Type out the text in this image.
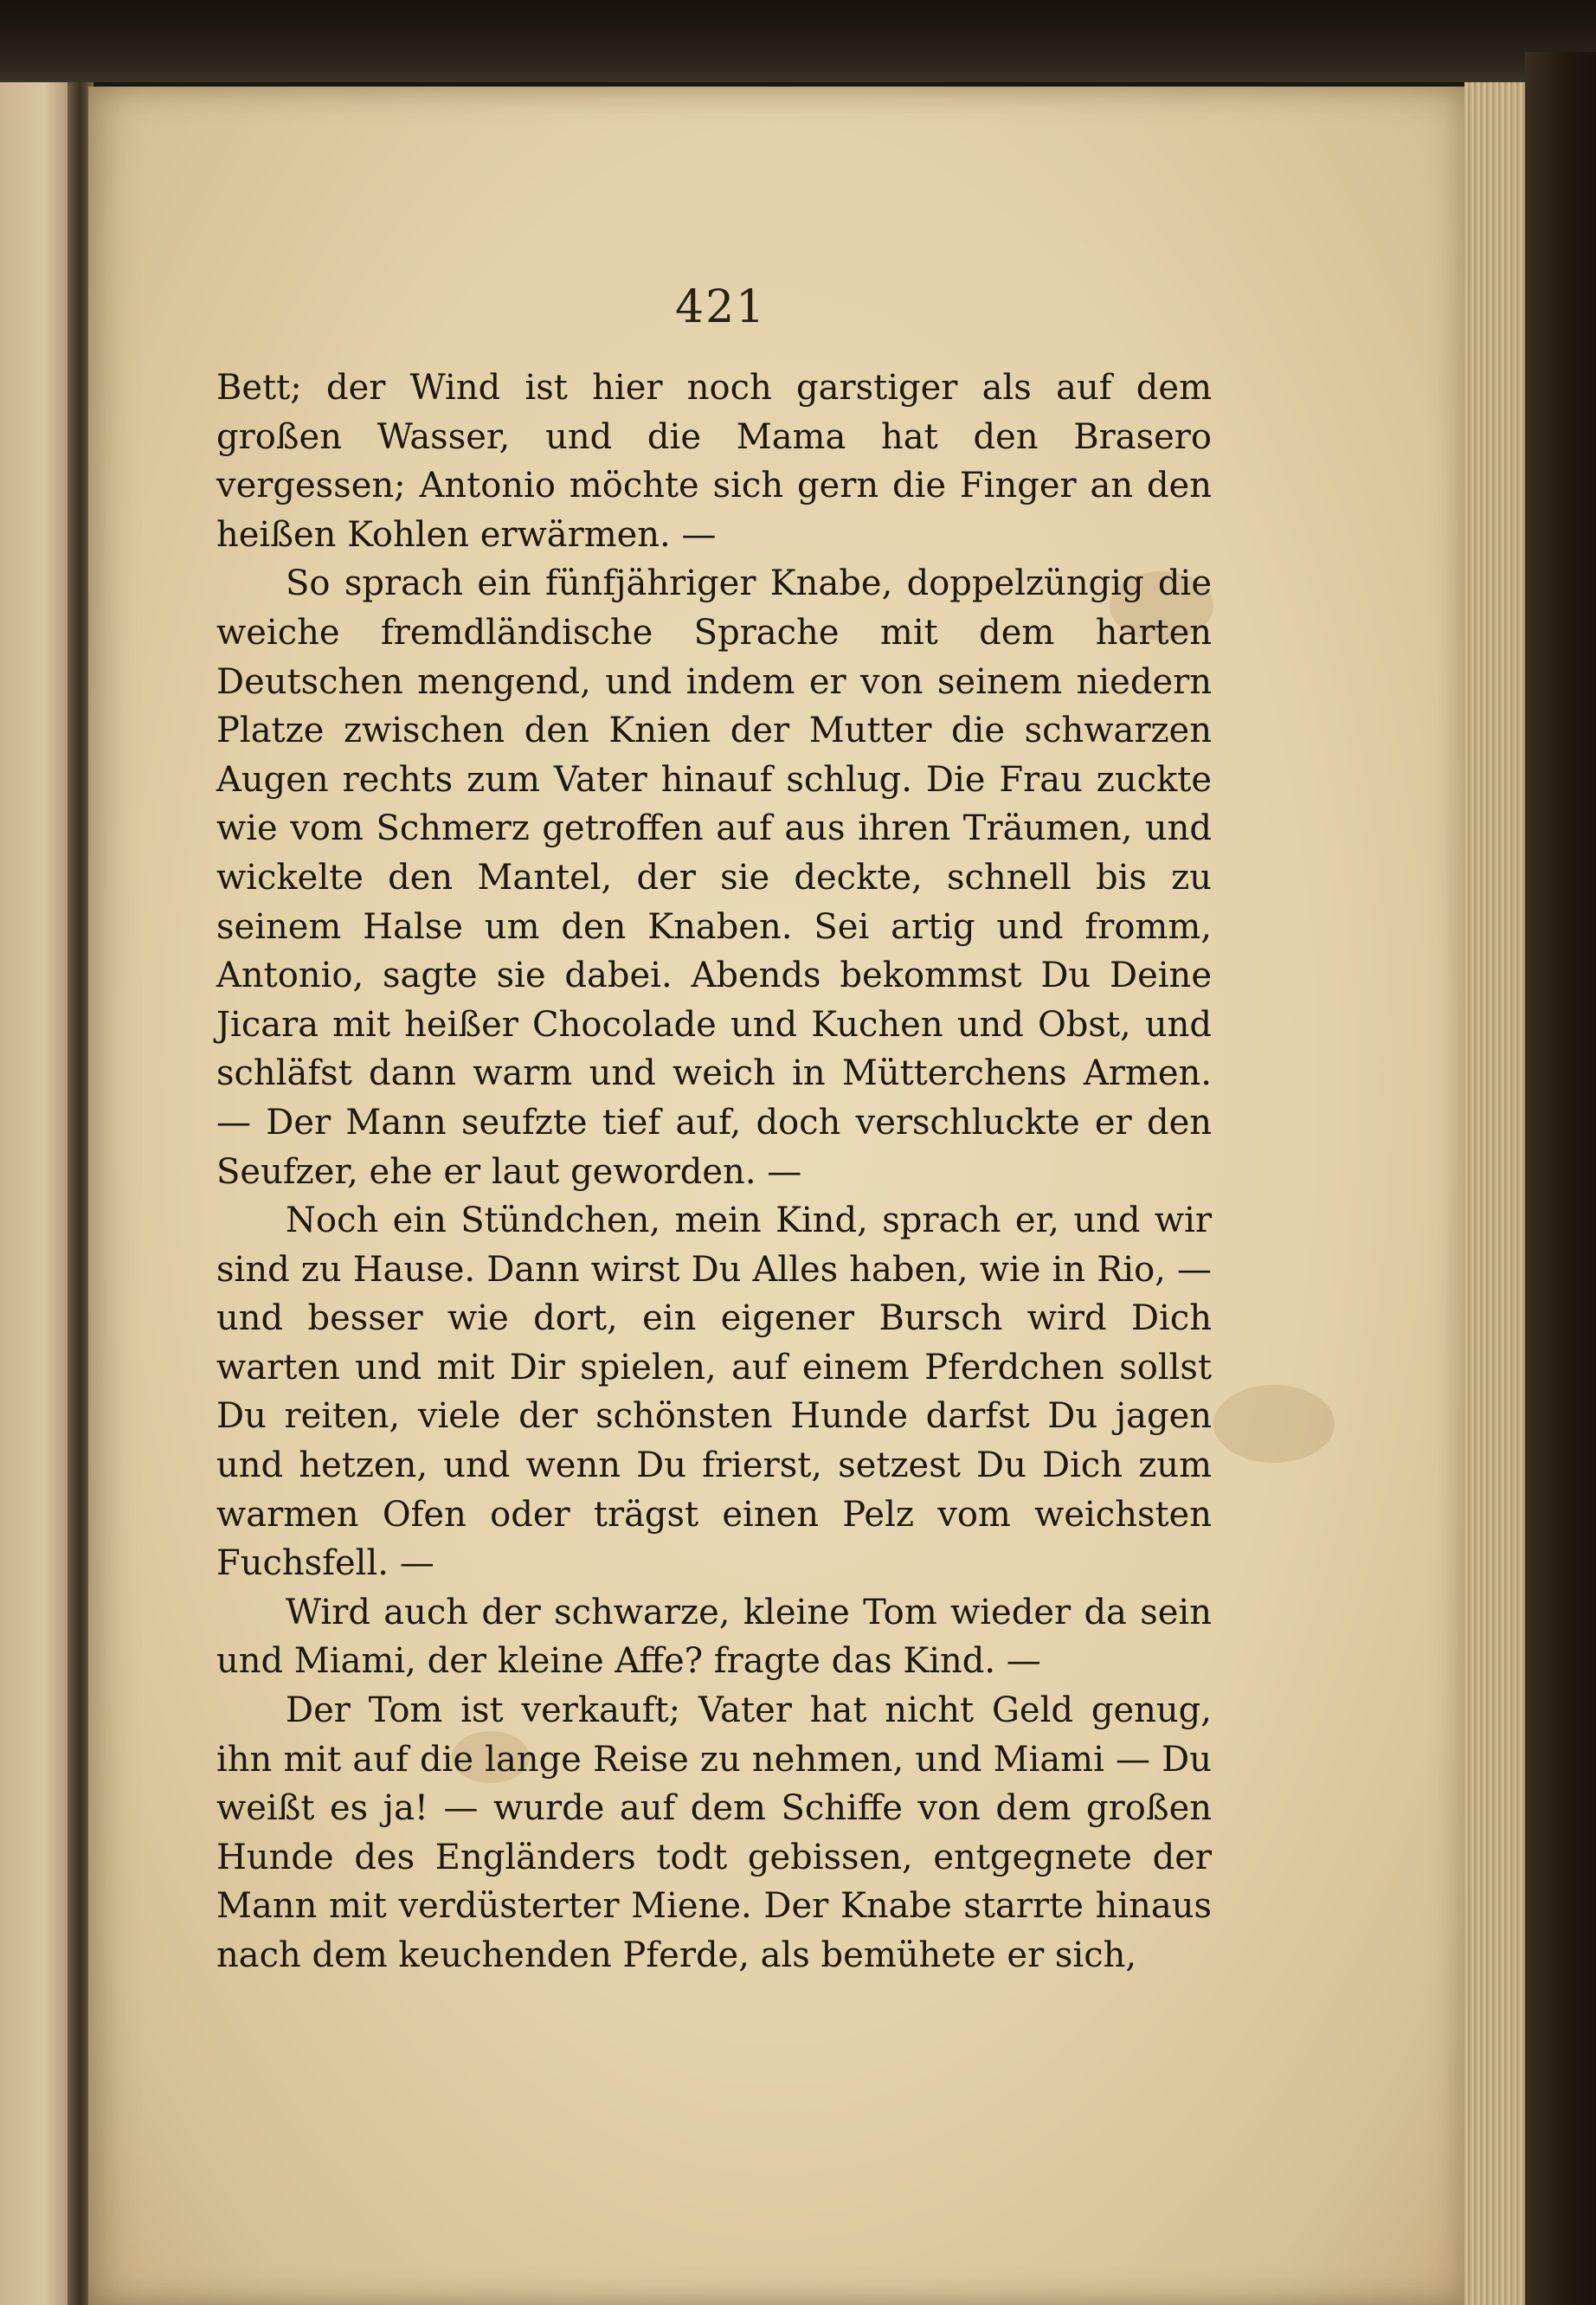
421

Bett; der Wind ist hier noch garstiger als auf dem großen Wasser, und die Mama hat den Brasero vergessen; Antonio möchte sich gern die Finger an den heißen Kohlen erwärmen. —

So sprach ein fünfjähriger Knabe, doppelzüngig die weiche fremdländische Sprache mit dem harten Deutschen mengend, und indem er von seinem niedern Platze zwischen den Knien der Mutter die schwarzen Augen rechts zum Vater hinauf schlug. Die Frau zuckte wie vom Schmerz getroffen auf aus ihren Träumen, und wickelte den Mantel, der sie deckte, schnell bis zu seinem Halse um den Knaben. Sei artig und fromm, Antonio, sagte sie dabei. Abends bekommst Du Deine Jicara mit heißer Chocolade und Kuchen und Obst, und schläfst dann warm und weich in Mütterchens Armen. — Der Mann seufzte tief auf, doch verschluckte er den Seufzer, ehe er laut geworden. —

Noch ein Stündchen, mein Kind, sprach er, und wir sind zu Hause. Dann wirst Du Alles haben, wie in Rio, — und besser wie dort, ein eigener Bursch wird Dich warten und mit Dir spielen, auf einem Pferdchen sollst Du reiten, viele der schönsten Hunde darfst Du jagen und hetzen, und wenn Du frierst, setzest Du Dich zum warmen Ofen oder trägst einen Pelz vom weichsten Fuchsfell. —

Wird auch der schwarze, kleine Tom wieder da sein und Miami, der kleine Affe? fragte das Kind. —

Der Tom ist verkauft; Vater hat nicht Geld genug, ihn mit auf die lange Reise zu nehmen, und Miami — Du weißt es ja! — wurde auf dem Schiffe von dem großen Hunde des Engländers todt gebissen, entgegnete der Mann mit verdüsterter Miene. Der Knabe starrte hinaus nach dem keuchenden Pferde, als bemühete er sich,
